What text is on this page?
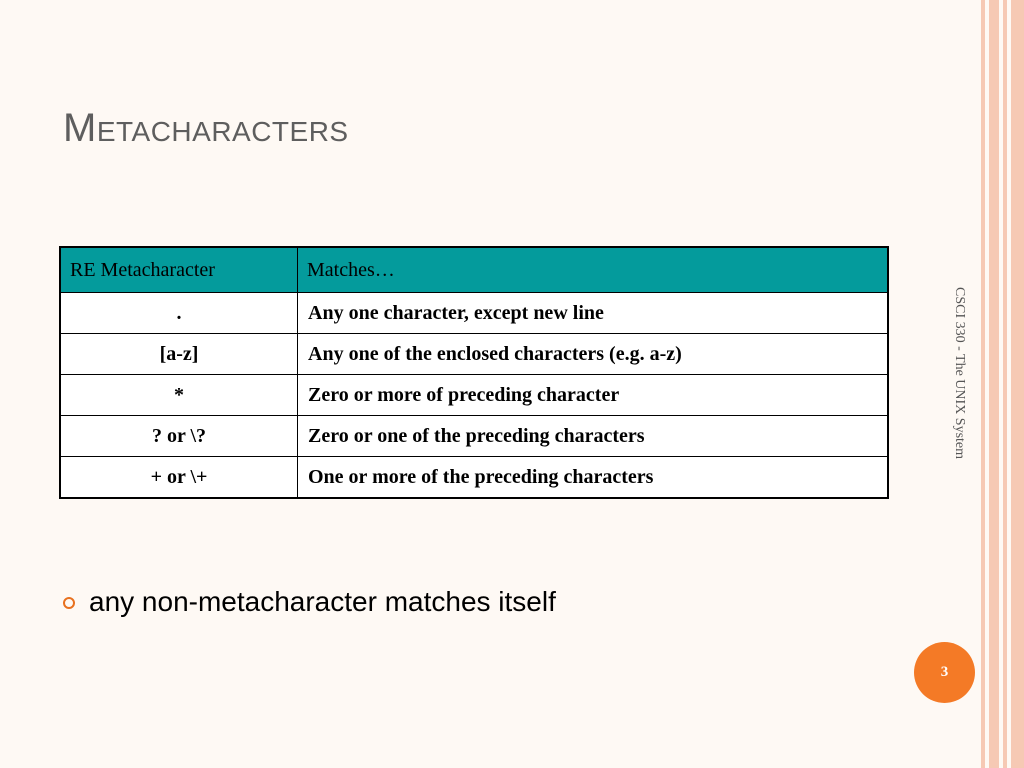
Metacharacters
RE Metacharacter	Matches…
.	Any one character, except new line
[a-z]	Any one of the enclosed characters (e.g. a-z)
*	Zero or more of preceding character
? or \?	Zero or one of the preceding characters
+ or \+	One or more of the preceding characters
CSCI 330 - The UNIX System
any non-metacharacter matches itself
3
